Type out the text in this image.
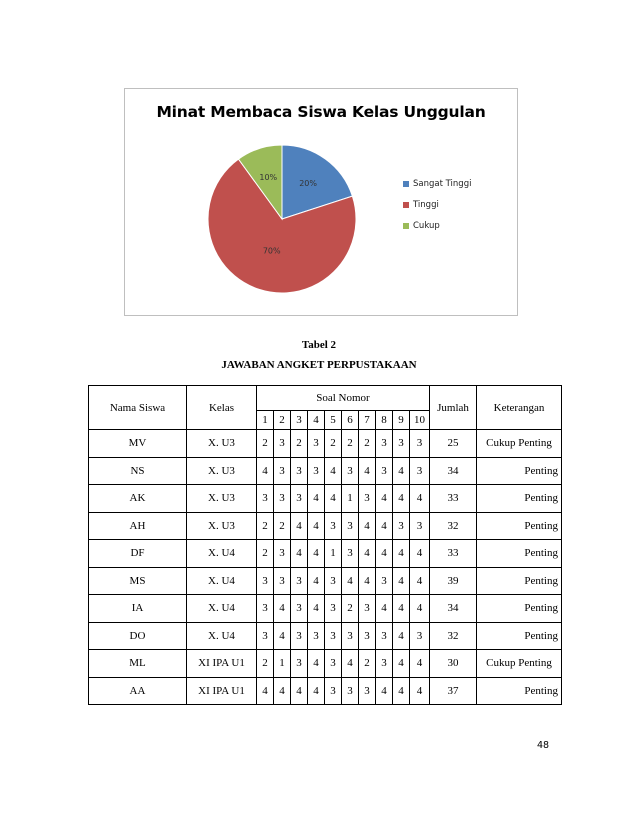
Minat Membaca Siswa Kelas Unggulan
20%
70%
10%
Sangat Tinggi
Tinggi
Cukup
Tabel 2
JAWABAN ANGKET PERPUSTAKAAN
Nama Siswa	Kelas	Soal Nomor										Jumlah	Keterangan
		1	2	3	4	5	6	7	8	9	10		
MV	X. U3	2	3	2	3	2	2	2	3	3	3	25	Cukup Penting
NS	X. U3	4	3	3	3	4	3	4	3	4	3	34	Penting
AK	X. U3	3	3	3	4	4	1	3	4	4	4	33	Penting
AH	X. U3	2	2	4	4	3	3	4	4	3	3	32	Penting
DF	X. U4	2	3	4	4	1	3	4	4	4	4	33	Penting
MS	X. U4	3	3	3	4	3	4	4	3	4	4	39	Penting
IA	X. U4	3	4	3	4	3	2	3	4	4	4	34	Penting
DO	X. U4	3	4	3	3	3	3	3	3	4	3	32	Penting
ML	XI IPA U1	2	1	3	4	3	4	2	3	4	4	30	Cukup Penting
AA	XI IPA U1	4	4	4	4	3	3	3	4	4	4	37	Penting
48
